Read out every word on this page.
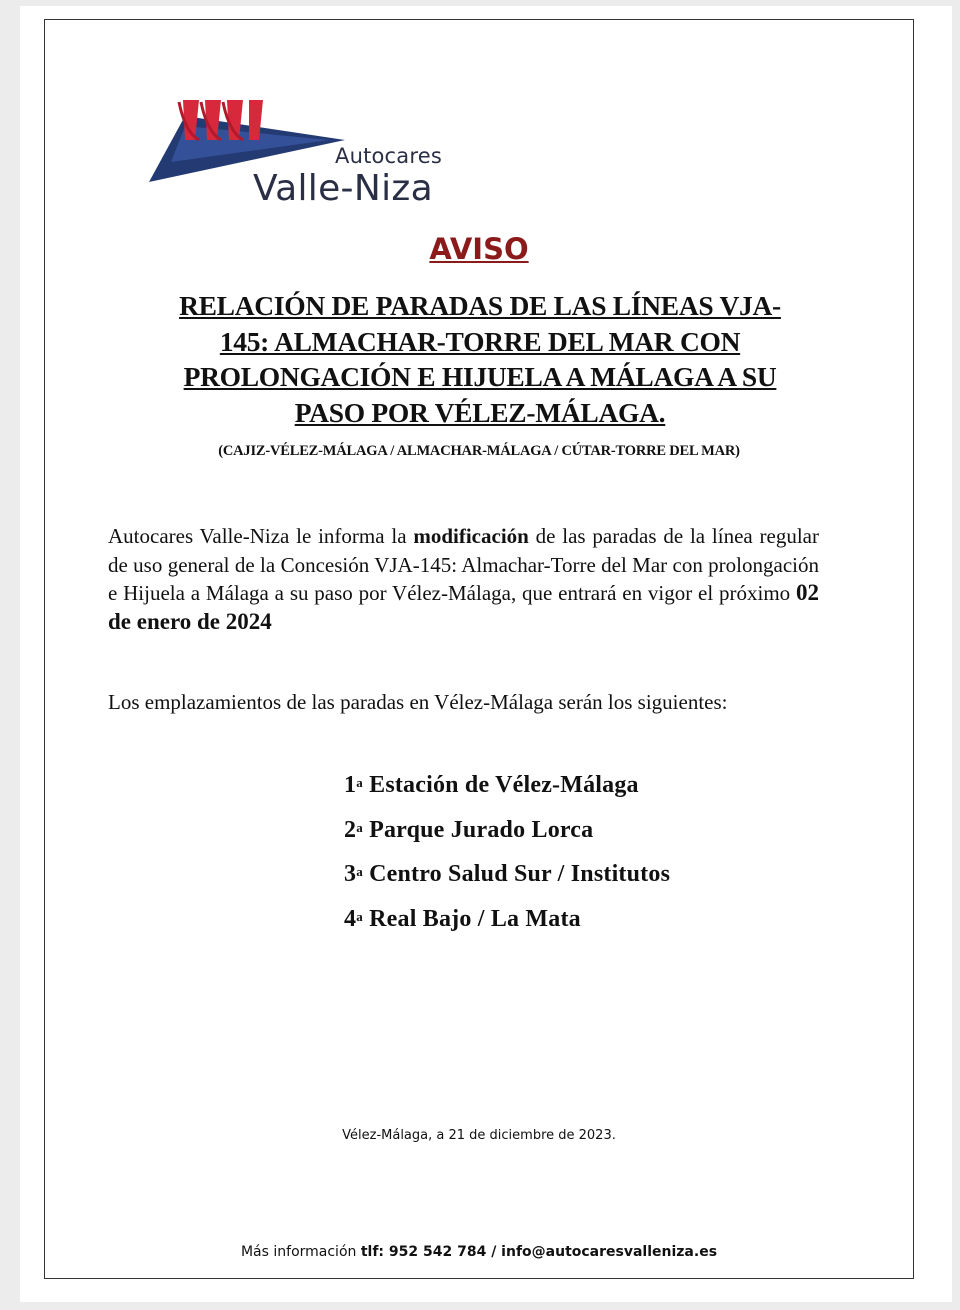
Autocares
Valle-Niza
AVISO
RELACIÓN DE PARADAS DE LAS LÍNEAS VJA-
145: ALMACHAR-TORRE DEL MAR CON
PROLONGACIÓN E HIJUELA A MÁLAGA A SU
PASO POR VÉLEZ-MÁLAGA.
(CAJIZ-VÉLEZ-MÁLAGA / ALMACHAR-MÁLAGA / CÚTAR-TORRE DEL MAR)
Autocares Valle-Niza le informa la modificación de las paradas de la línea regular de uso general de la Concesión VJA-145: Almachar-Torre del Mar con prolongación e Hijuela a Málaga a su paso por Vélez-Málaga, que entrará en vigor el próximo 02 de enero de 2024
Los emplazamientos de las paradas en Vélez-Málaga serán los siguientes:
1$^a$ Estación de Vélez-Málaga
2$^a$ Parque Jurado Lorca
3$^a$ Centro Salud Sur / Institutos
4$^a$ Real Bajo / La Mata
Vélez-Málaga, a 21 de diciembre de 2023.
Más información tlf: 952 542 784 / info@autocaresvalleniza.es
